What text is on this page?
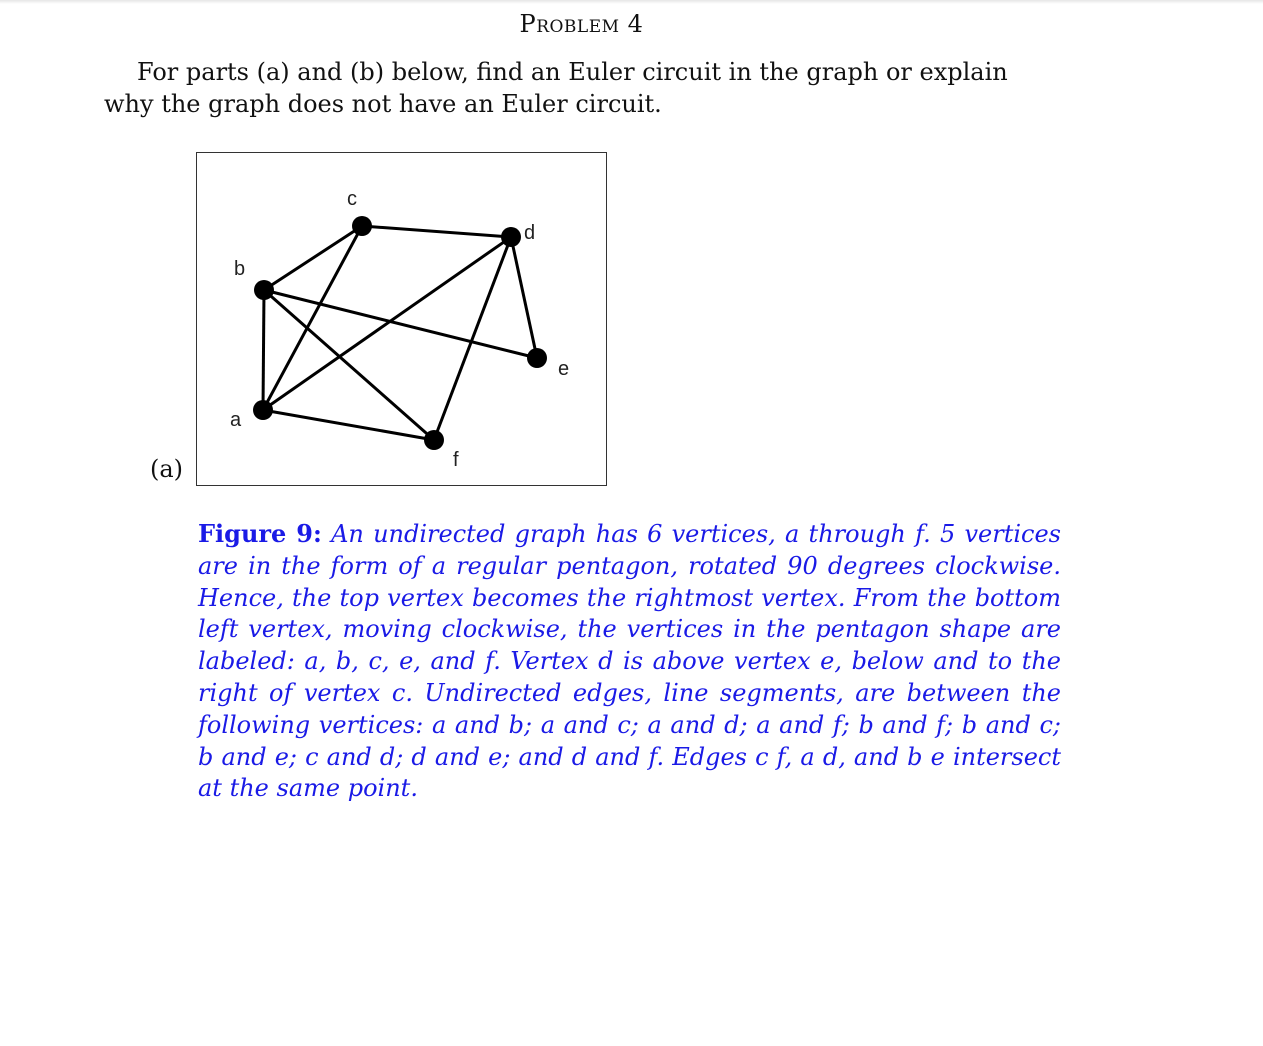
Problem 4
For parts (a) and (b) below, find an Euler circuit in the graph or explain why the graph does not have an Euler circuit.
(a)
a
b
c
d
e
f
Figure 9: An undirected graph has 6 vertices, a through f. 5 vertices are in the form of a regular pentagon, rotated 90 degrees clockwise. Hence, the top vertex becomes the rightmost vertex. From the bottom left vertex, moving clockwise, the vertices in the pentagon shape are labeled: a, b, c, e, and f. Vertex d is above vertex e, below and to the right of vertex c. Undirected edges, line segments, are between the following vertices: a and b; a and c; a and d; a and f; b and f; b and c; b and e; c and d; d and e; and d and f. Edges c f, a d, and b e intersect at the same point.
